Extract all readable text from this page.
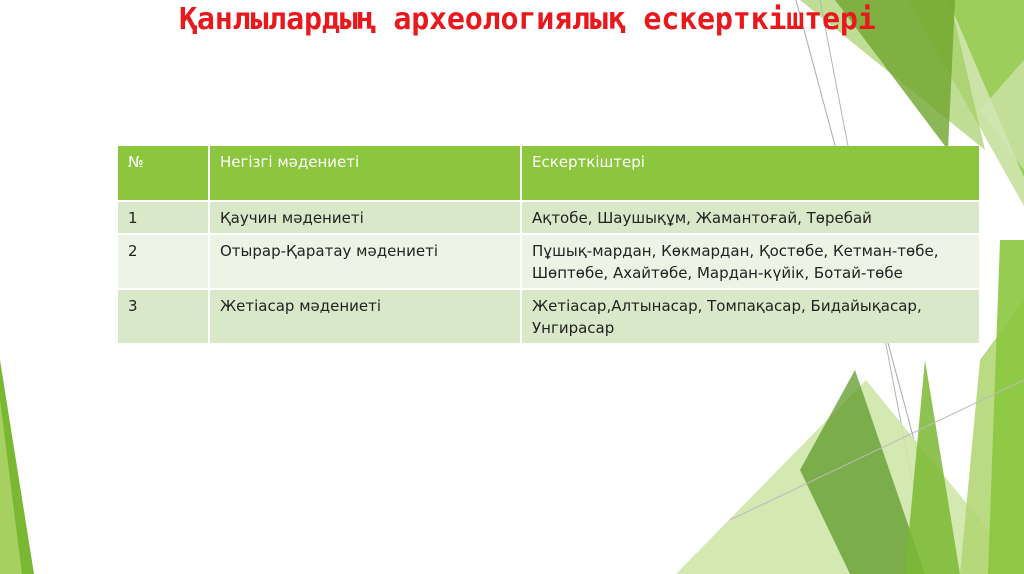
Қанлылардың археологиялық ескерткіштері
№	Негізгі мәдениеті	Ескерткіштері
1	Қаучин мәдениеті	Ақтобе, Шаушықұм, Жамантоғай, Төребай
2	Отырар-Қаратау мәдениеті	Пұшық-мардан, Көкмардан, Қостөбе, Кетман-төбе, Шөптөбе, Ахайтөбе, Мардан-күйік, Ботай-төбе
3	Жетіасар мәдениеті	Жетіасар,Алтынасар, Томпақасар, Бидайықасар, Унгирасар
